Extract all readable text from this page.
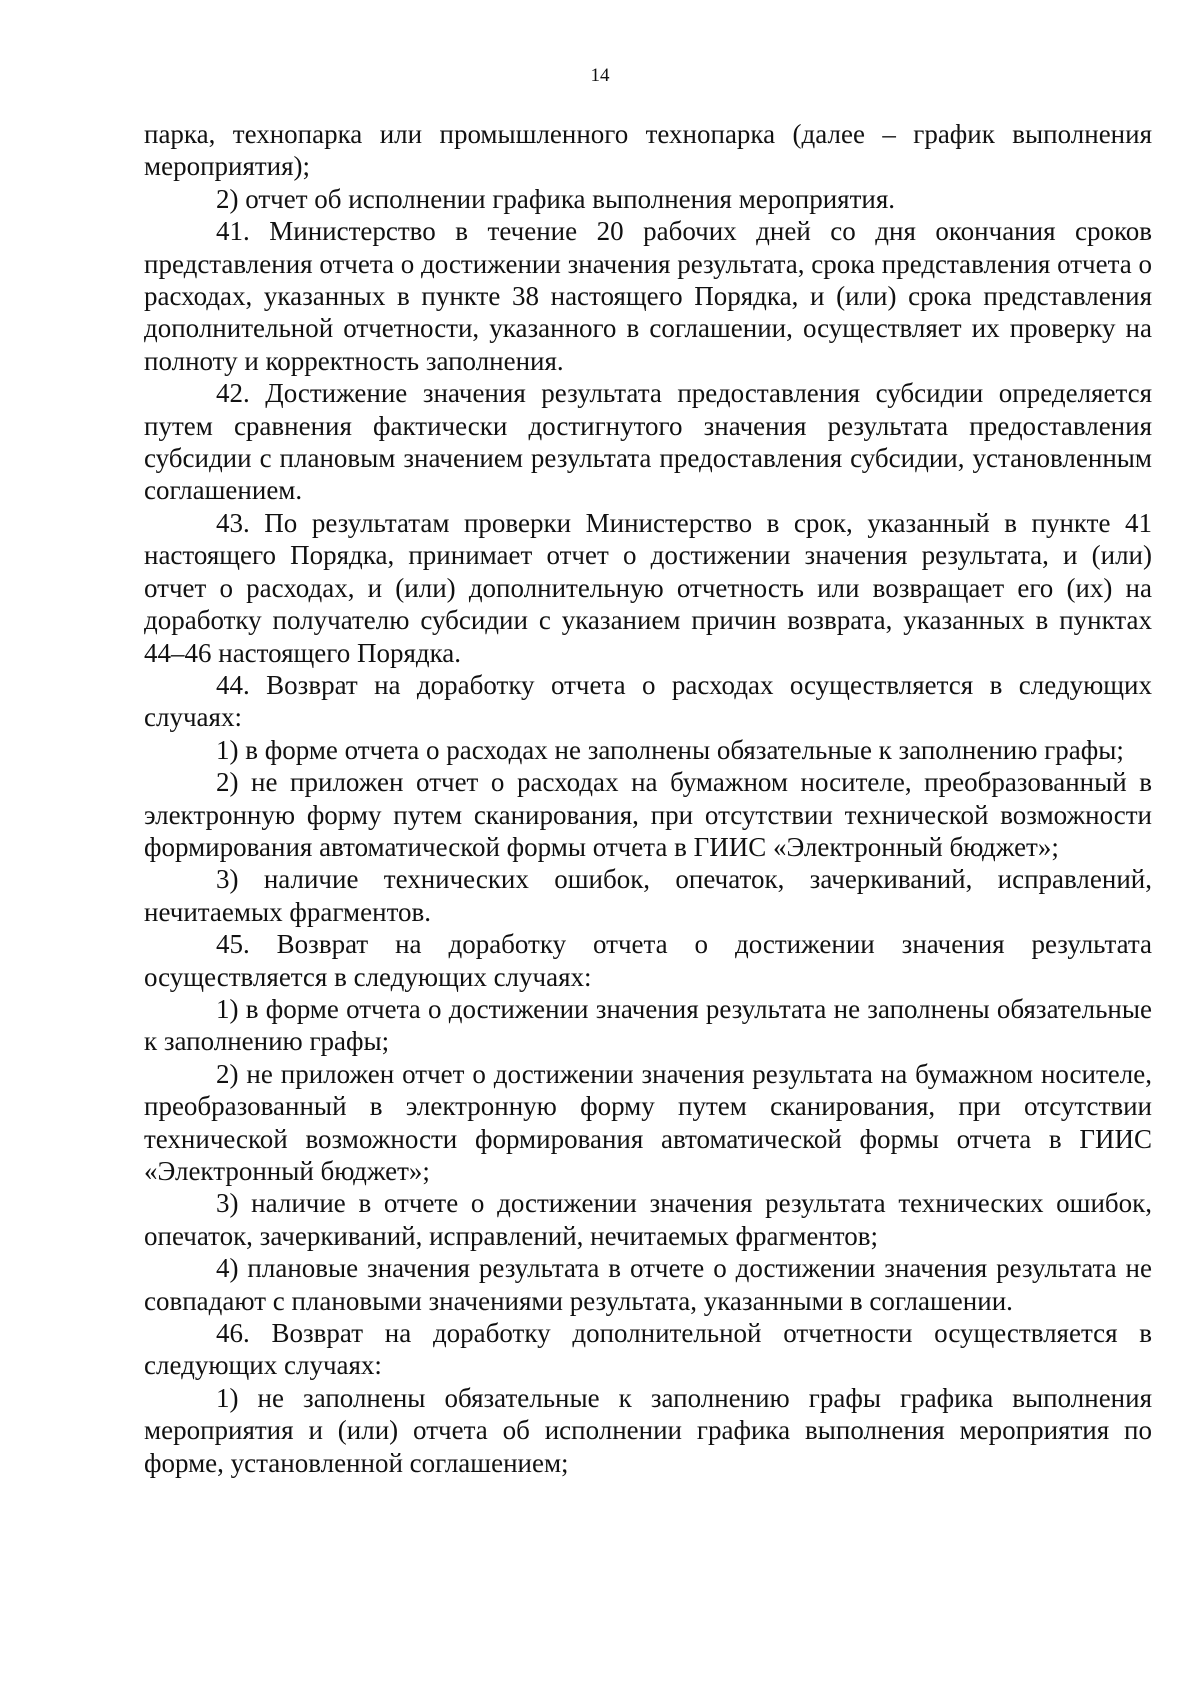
14

парка, технопарка или промышленного технопарка (далее – график выполнения мероприятия);

2) отчет об исполнении графика выполнения мероприятия.

41. Министерство в течение 20 рабочих дней со дня окончания сроков представления отчета о достижении значения результата, срока представления отчета о расходах, указанных в пункте 38 настоящего Порядка, и (или) срока представления дополнительной отчетности, указанного в соглашении, осуществляет их проверку на полноту и корректность заполнения.

42. Достижение значения результата предоставления субсидии определяется путем сравнения фактически достигнутого значения результата предоставления субсидии с плановым значением результата предоставления субсидии, установленным соглашением.

43. По результатам проверки Министерство в срок, указанный в пункте 41 настоящего Порядка, принимает отчет о достижении значения результата, и (или) отчет о расходах, и (или) дополнительную отчетность или возвращает его (их) на доработку получателю субсидии с указанием причин возврата, указанных в пунктах 44–46 настоящего Порядка.

44. Возврат на доработку отчета о расходах осуществляется в следующих случаях:

1) в форме отчета о расходах не заполнены обязательные к заполнению графы;

2) не приложен отчет о расходах на бумажном носителе, преобразованный в электронную форму путем сканирования, при отсутствии технической возможности формирования автоматической формы отчета в ГИИС «Электронный бюджет»;

3) наличие технических ошибок, опечаток, зачеркиваний, исправлений, нечитаемых фрагментов.

45. Возврат на доработку отчета о достижении значения результата осуществляется в следующих случаях:

1) в форме отчета о достижении значения результата не заполнены обязательные к заполнению графы;

2) не приложен отчет о достижении значения результата на бумажном носителе, преобразованный в электронную форму путем сканирования, при отсутствии технической возможности формирования автоматической формы отчета в ГИИС «Электронный бюджет»;

3) наличие в отчете о достижении значения результата технических ошибок, опечаток, зачеркиваний, исправлений, нечитаемых фрагментов;

4) плановые значения результата в отчете о достижении значения результата не совпадают с плановыми значениями результата, указанными в соглашении.

46. Возврат на доработку дополнительной отчетности осуществляется в следующих случаях:

1) не заполнены обязательные к заполнению графы графика выполнения мероприятия и (или) отчета об исполнении графика выполнения мероприятия по форме, установленной соглашением;
